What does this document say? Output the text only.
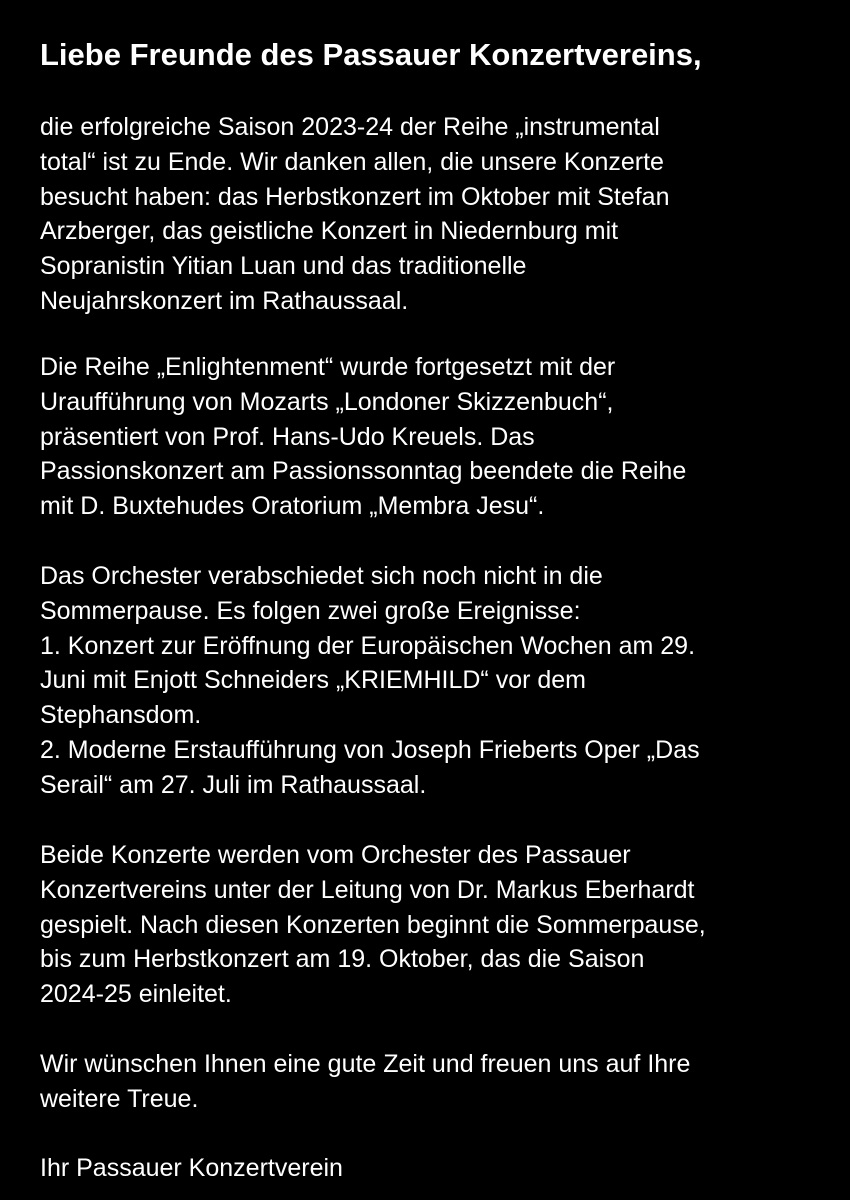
Liebe Freunde des Passauer Konzertvereins,

die erfolgreiche Saison 2023-24 der Reihe „instrumental
total“ ist zu Ende. Wir danken allen, die unsere Konzerte
besucht haben: das Herbstkonzert im Oktober mit Stefan
Arzberger, das geistliche Konzert in Niedernburg mit
Sopranistin Yitian Luan und das traditionelle
Neujahrskonzert im Rathaussaal.

Die Reihe „Enlightenment“ wurde fortgesetzt mit der
Uraufführung von Mozarts „Londoner Skizzenbuch“,
präsentiert von Prof. Hans-Udo Kreuels. Das
Passionskonzert am Passionssonntag beendete die Reihe
mit D. Buxtehudes Oratorium „Membra Jesu“.

Das Orchester verabschiedet sich noch nicht in die
Sommerpause. Es folgen zwei große Ereignisse:
1. Konzert zur Eröffnung der Europäischen Wochen am 29.
Juni mit Enjott Schneiders „KRIEMHILD“ vor dem
Stephansdom.
2. Moderne Erstaufführung von Joseph Frieberts Oper „Das
Serail“ am 27. Juli im Rathaussaal.

Beide Konzerte werden vom Orchester des Passauer
Konzertvereins unter der Leitung von Dr. Markus Eberhardt
gespielt. Nach diesen Konzerten beginnt die Sommerpause,
bis zum Herbstkonzert am 19. Oktober, das die Saison
2024-25 einleitet.

Wir wünschen Ihnen eine gute Zeit und freuen uns auf Ihre
weitere Treue.

Ihr Passauer Konzertverein
